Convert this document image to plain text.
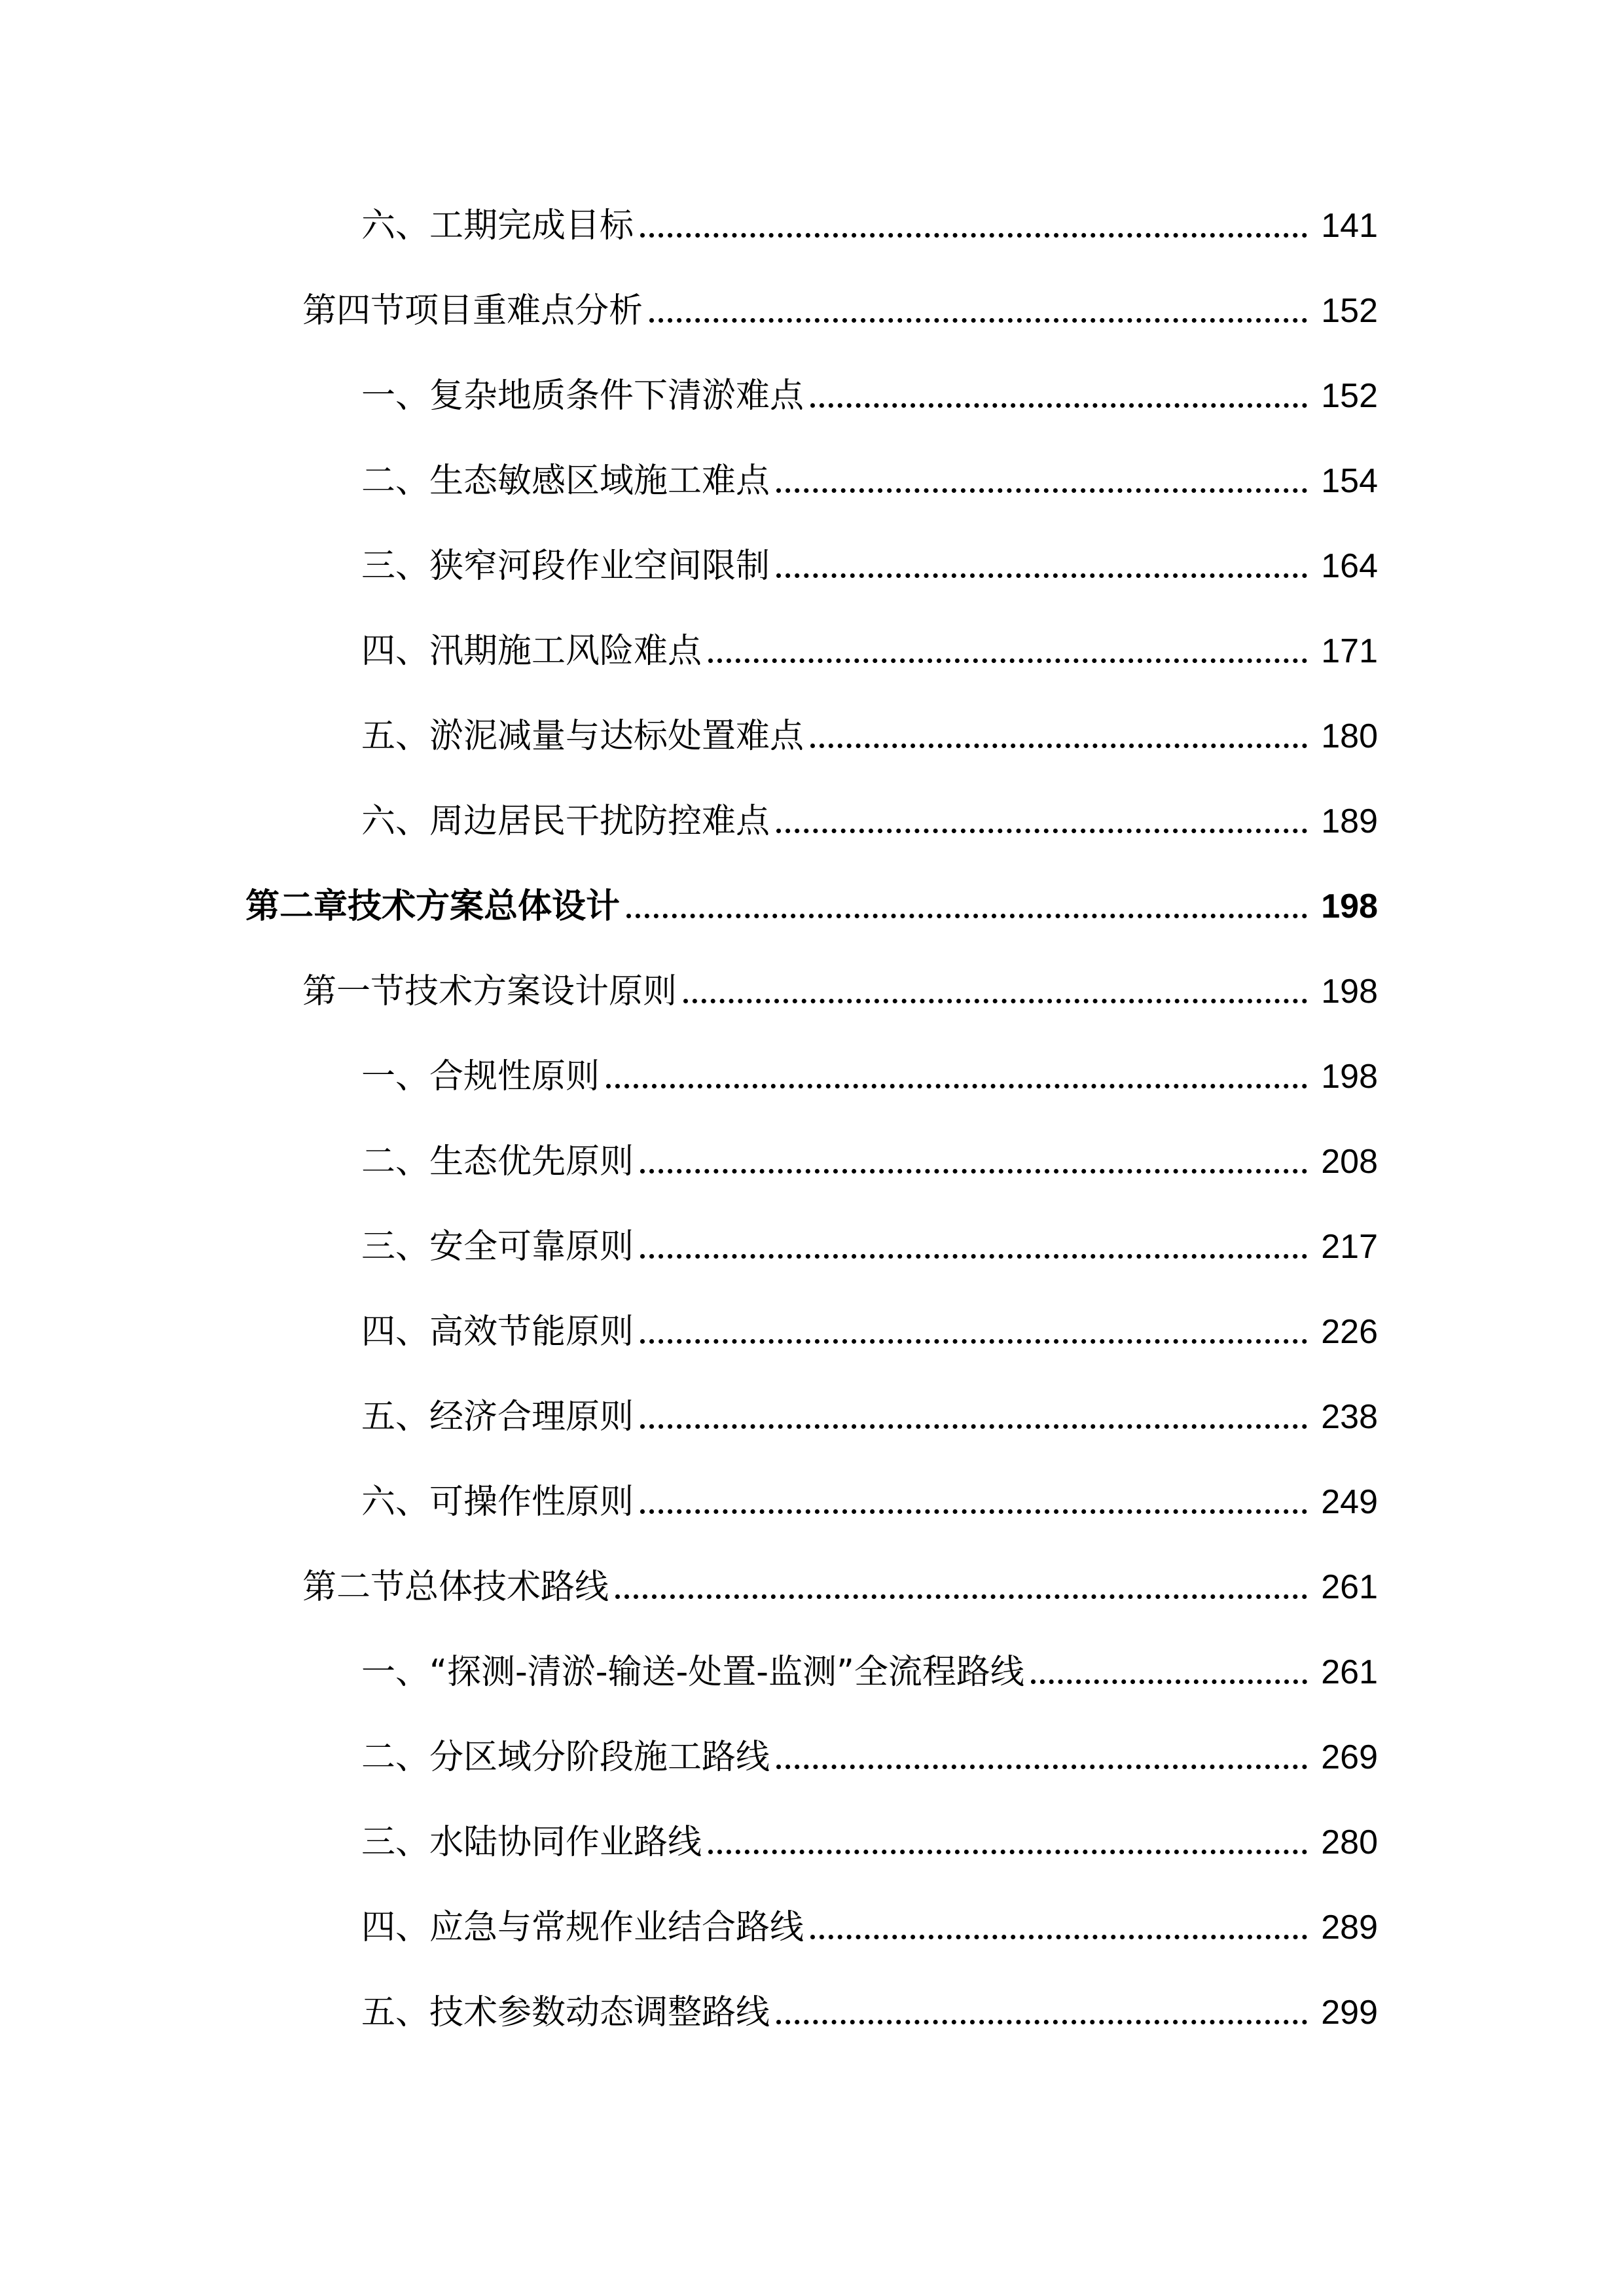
六、工期完成目标	141
第四节项目重难点分析	152
一、复杂地质条件下清淤难点	152
二、生态敏感区域施工难点	154
三、狭窄河段作业空间限制	164
四、汛期施工风险难点	171
五、淤泥减量与达标处置难点	180
六、周边居民干扰防控难点	189
第二章技术方案总体设计	198
第一节技术方案设计原则	198
一、合规性原则	198
二、生态优先原则	208
三、安全可靠原则	217
四、高效节能原则	226
五、经济合理原则	238
六、可操作性原则	249
第二节总体技术路线	261
一、“探测-清淤-输送-处置-监测”全流程路线	261
二、分区域分阶段施工路线	269
三、水陆协同作业路线	280
四、应急与常规作业结合路线	289
五、技术参数动态调整路线	299
